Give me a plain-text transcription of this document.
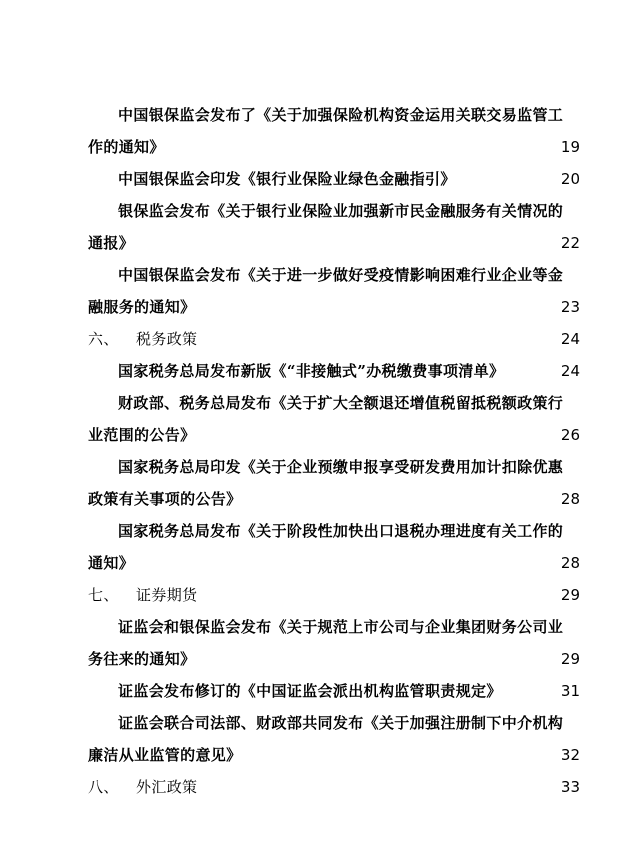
中国银保监会发布了《关于加强保险机构资金运用关联交易监管工
作的通知》	19
中国银保监会印发《银行业保险业绿色金融指引》	20
银保监会发布《关于银行业保险业加强新市民金融服务有关情况的
通报》	22
中国银保监会发布《关于进一步做好受疫情影响困难行业企业等金
融服务的通知》	23
六、	税务政策	24
国家税务总局发布新版《“非接触式”办税缴费事项清单》	24
财政部、税务总局发布《关于扩大全额退还增值税留抵税额政策行
业范围的公告》	26
国家税务总局印发《关于企业预缴申报享受研发费用加计扣除优惠
政策有关事项的公告》	28
国家税务总局发布《关于阶段性加快出口退税办理进度有关工作的
通知》	28
七、	证券期货	29
证监会和银保监会发布《关于规范上市公司与企业集团财务公司业
务往来的通知》	29
证监会发布修订的《中国证监会派出机构监管职责规定》	31
证监会联合司法部、财政部共同发布《关于加强注册制下中介机构
廉洁从业监管的意见》	32
八、	外汇政策	33
